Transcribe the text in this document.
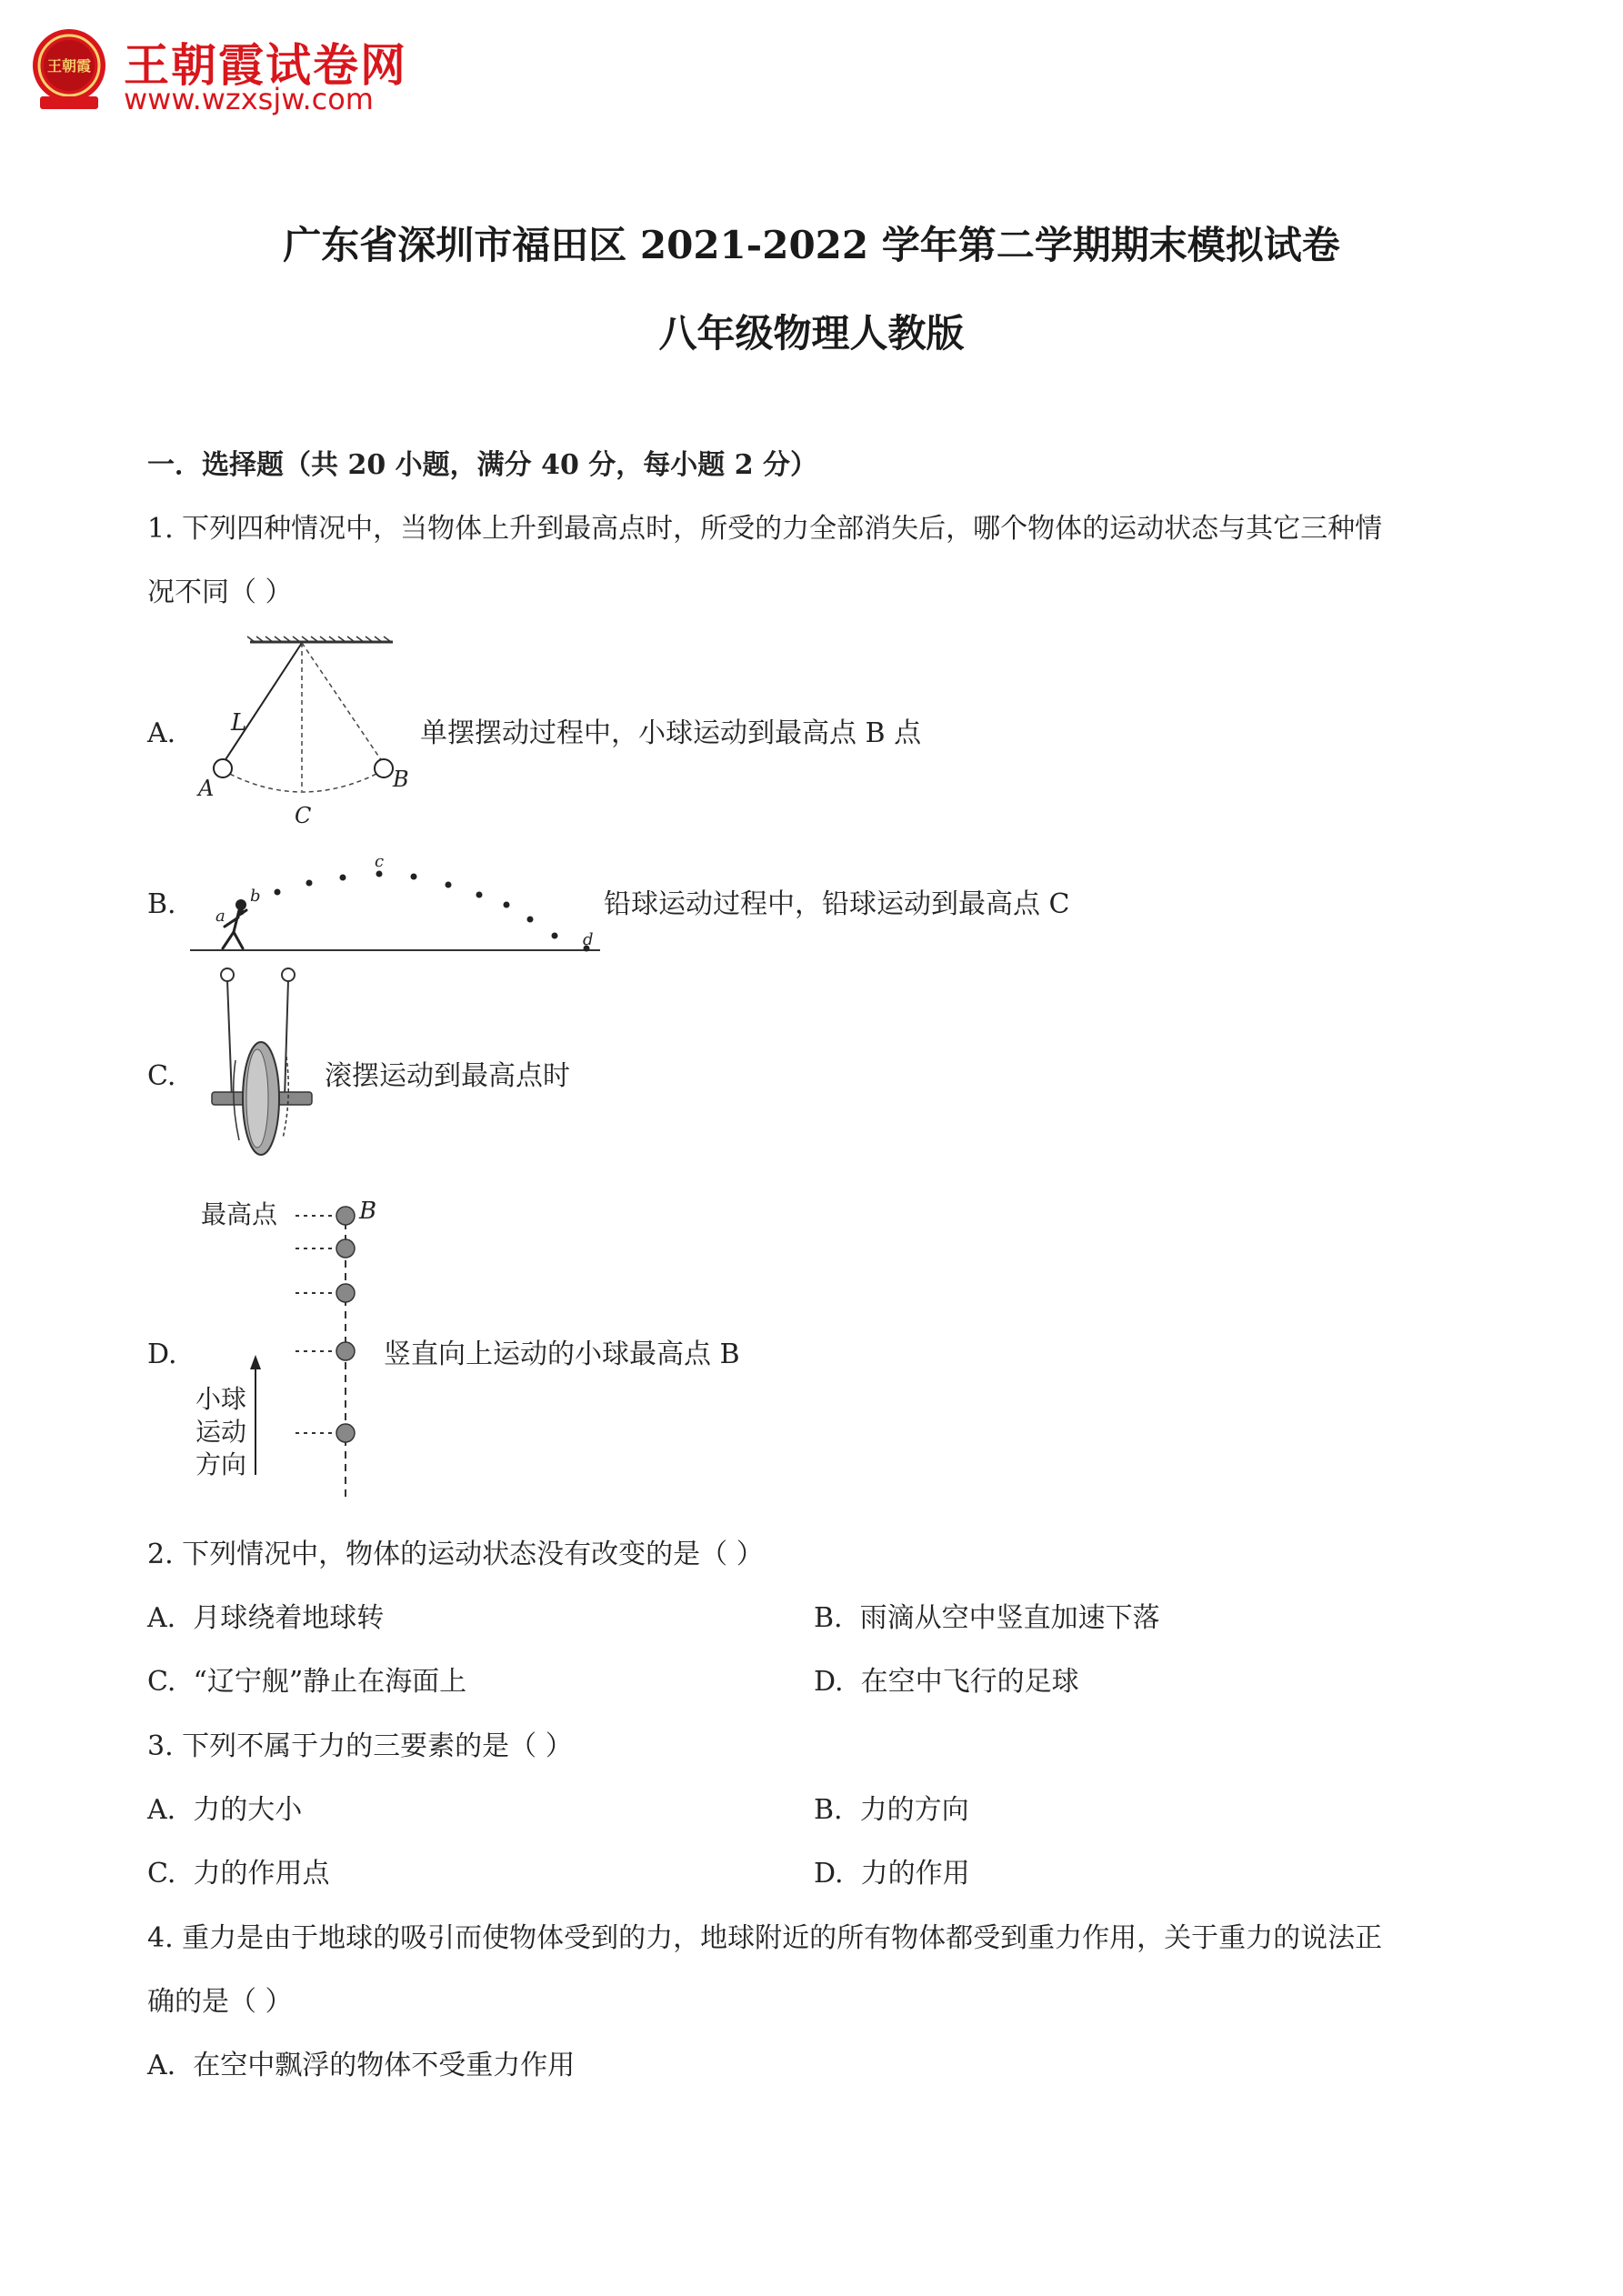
王朝霞 王朝霞试卷网
www.wzxsjw.com
广东省深圳市福田区 2021-2022 学年第二学期期末模拟试卷
八年级物理人教版
一．选择题（共 20 小题，满分 40 分，每小题 2 分）
1. 下列四种情况中，当物体上升到最高点时，所受的力全部消失后，哪个物体的运动状态与其它三种情
况不同（ ）
A. L
A	B
C
单摆摆动过程中，小球运动到最高点 B 点
B. a
b
c
d
铅球运动过程中，铅球运动到最高点 C
C.	滚摆运动到最高点时
D.
最高点	B
小球
运动
方向
竖直向上运动的小球最高点 B
2. 下列情况中，物体的运动状态没有改变的是（ ）
A. 月球绕着地球转	B. 雨滴从空中竖直加速下落
C. “辽宁舰”静止在海面上	D. 在空中飞行的足球
3. 下列不属于力的三要素的是（ ）
A. 力的大小	B. 力的方向
C. 力的作用点	D. 力的作用
4. 重力是由于地球的吸引而使物体受到的力，地球附近的所有物体都受到重力作用，关于重力的说法正
确的是（ ）
A. 在空中飘浮的物体不受重力作用
